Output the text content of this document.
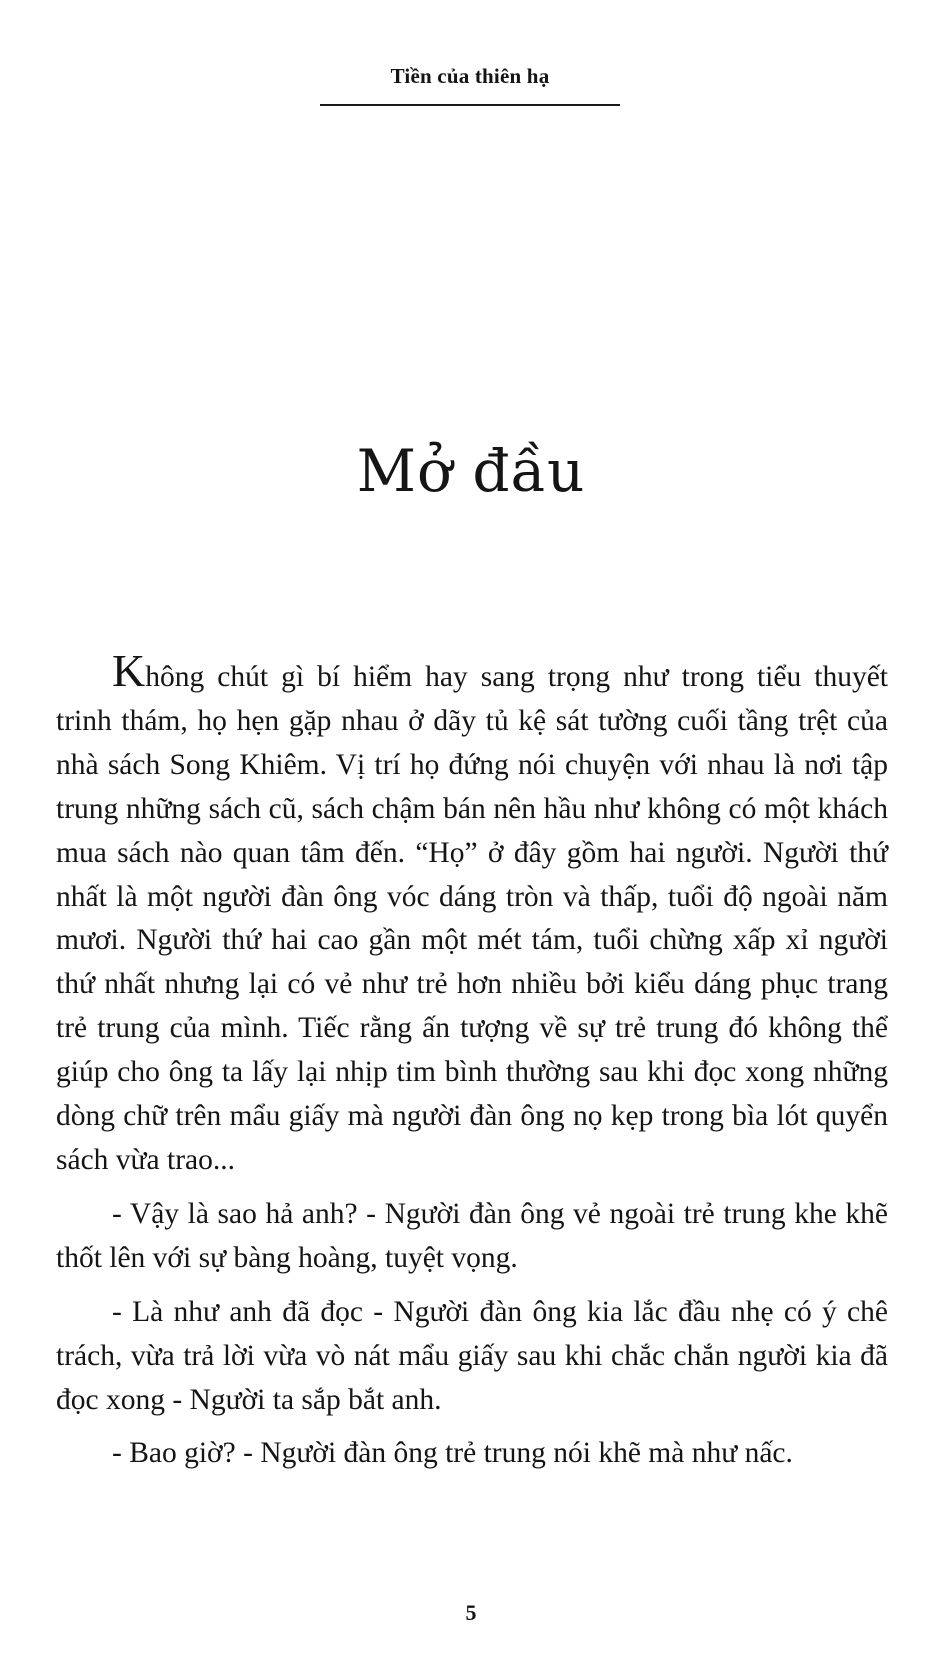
Tiền của thiên hạ
Mở đầu

Không chút gì bí hiểm hay sang trọng như trong tiểu thuyết trinh thám, họ hẹn gặp nhau ở dãy tủ kệ sát tường cuối tầng trệt của nhà sách Song Khiêm. Vị trí họ đứng nói chuyện với nhau là nơi tập trung những sách cũ, sách chậm bán nên hầu như không có một khách mua sách nào quan tâm đến. “Họ” ở đây gồm hai người. Người thứ nhất là một người đàn ông vóc dáng tròn và thấp, tuổi độ ngoài năm mươi. Người thứ hai cao gần một mét tám, tuổi chừng xấp xỉ người thứ nhất nhưng lại có vẻ như trẻ hơn nhiều bởi kiểu dáng phục trang trẻ trung của mình. Tiếc rằng ấn tượng về sự trẻ trung đó không thể giúp cho ông ta lấy lại nhịp tim bình thường sau khi đọc xong những dòng chữ trên mẩu giấy mà người đàn ông nọ kẹp trong bìa lót quyển sách vừa trao...

- Vậy là sao hả anh? - Người đàn ông vẻ ngoài trẻ trung khe khẽ thốt lên với sự bàng hoàng, tuyệt vọng.

- Là như anh đã đọc - Người đàn ông kia lắc đầu nhẹ có ý chê trách, vừa trả lời vừa vò nát mẩu giấy sau khi chắc chắn người kia đã đọc xong - Người ta sắp bắt anh.

- Bao giờ? - Người đàn ông trẻ trung nói khẽ mà như nấc.

5
